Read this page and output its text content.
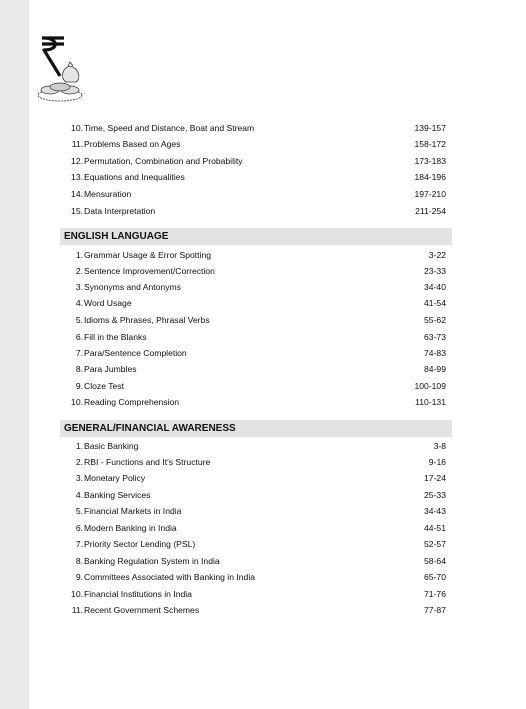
10. Time, Speed and Distance, Boat and Stream	139-157
11. Problems Based on Ages	158-172
12. Permutation, Combination and Probability	173-183
13. Equations and Inequalities	184-196
14. Mensuration	197-210
15. Data Interpretation	211-254
ENGLISH LANGUAGE
1. Grammar Usage & Error Spotting	3-22
2. Sentence Improvement/Correction	23-33
3. Synonyms and Antonyms	34-40
4. Word Usage	41-54
5. Idioms & Phrases, Phrasal Verbs	55-62
6. Fill in the Blanks	63-73
7. Para/Sentence Completion	74-83
8. Para Jumbles	84-99
9. Cloze Test	100-109
10. Reading Comprehension	110-131
GENERAL/FINANCIAL AWARENESS
1. Basic Banking	3-8
2. RBI - Functions and It's Structure	9-16
3. Monetary Policy	17-24
4. Banking Services	25-33
5. Financial Markets in India	34-43
6. Modern Banking in India	44-51
7. Priority Sector Lending (PSL)	52-57
8. Banking Regulation System in India	58-64
9. Committees Associated with Banking in India	65-70
10. Financial Institutions in India	71-76
11. Recent Government Schemes	77-87
